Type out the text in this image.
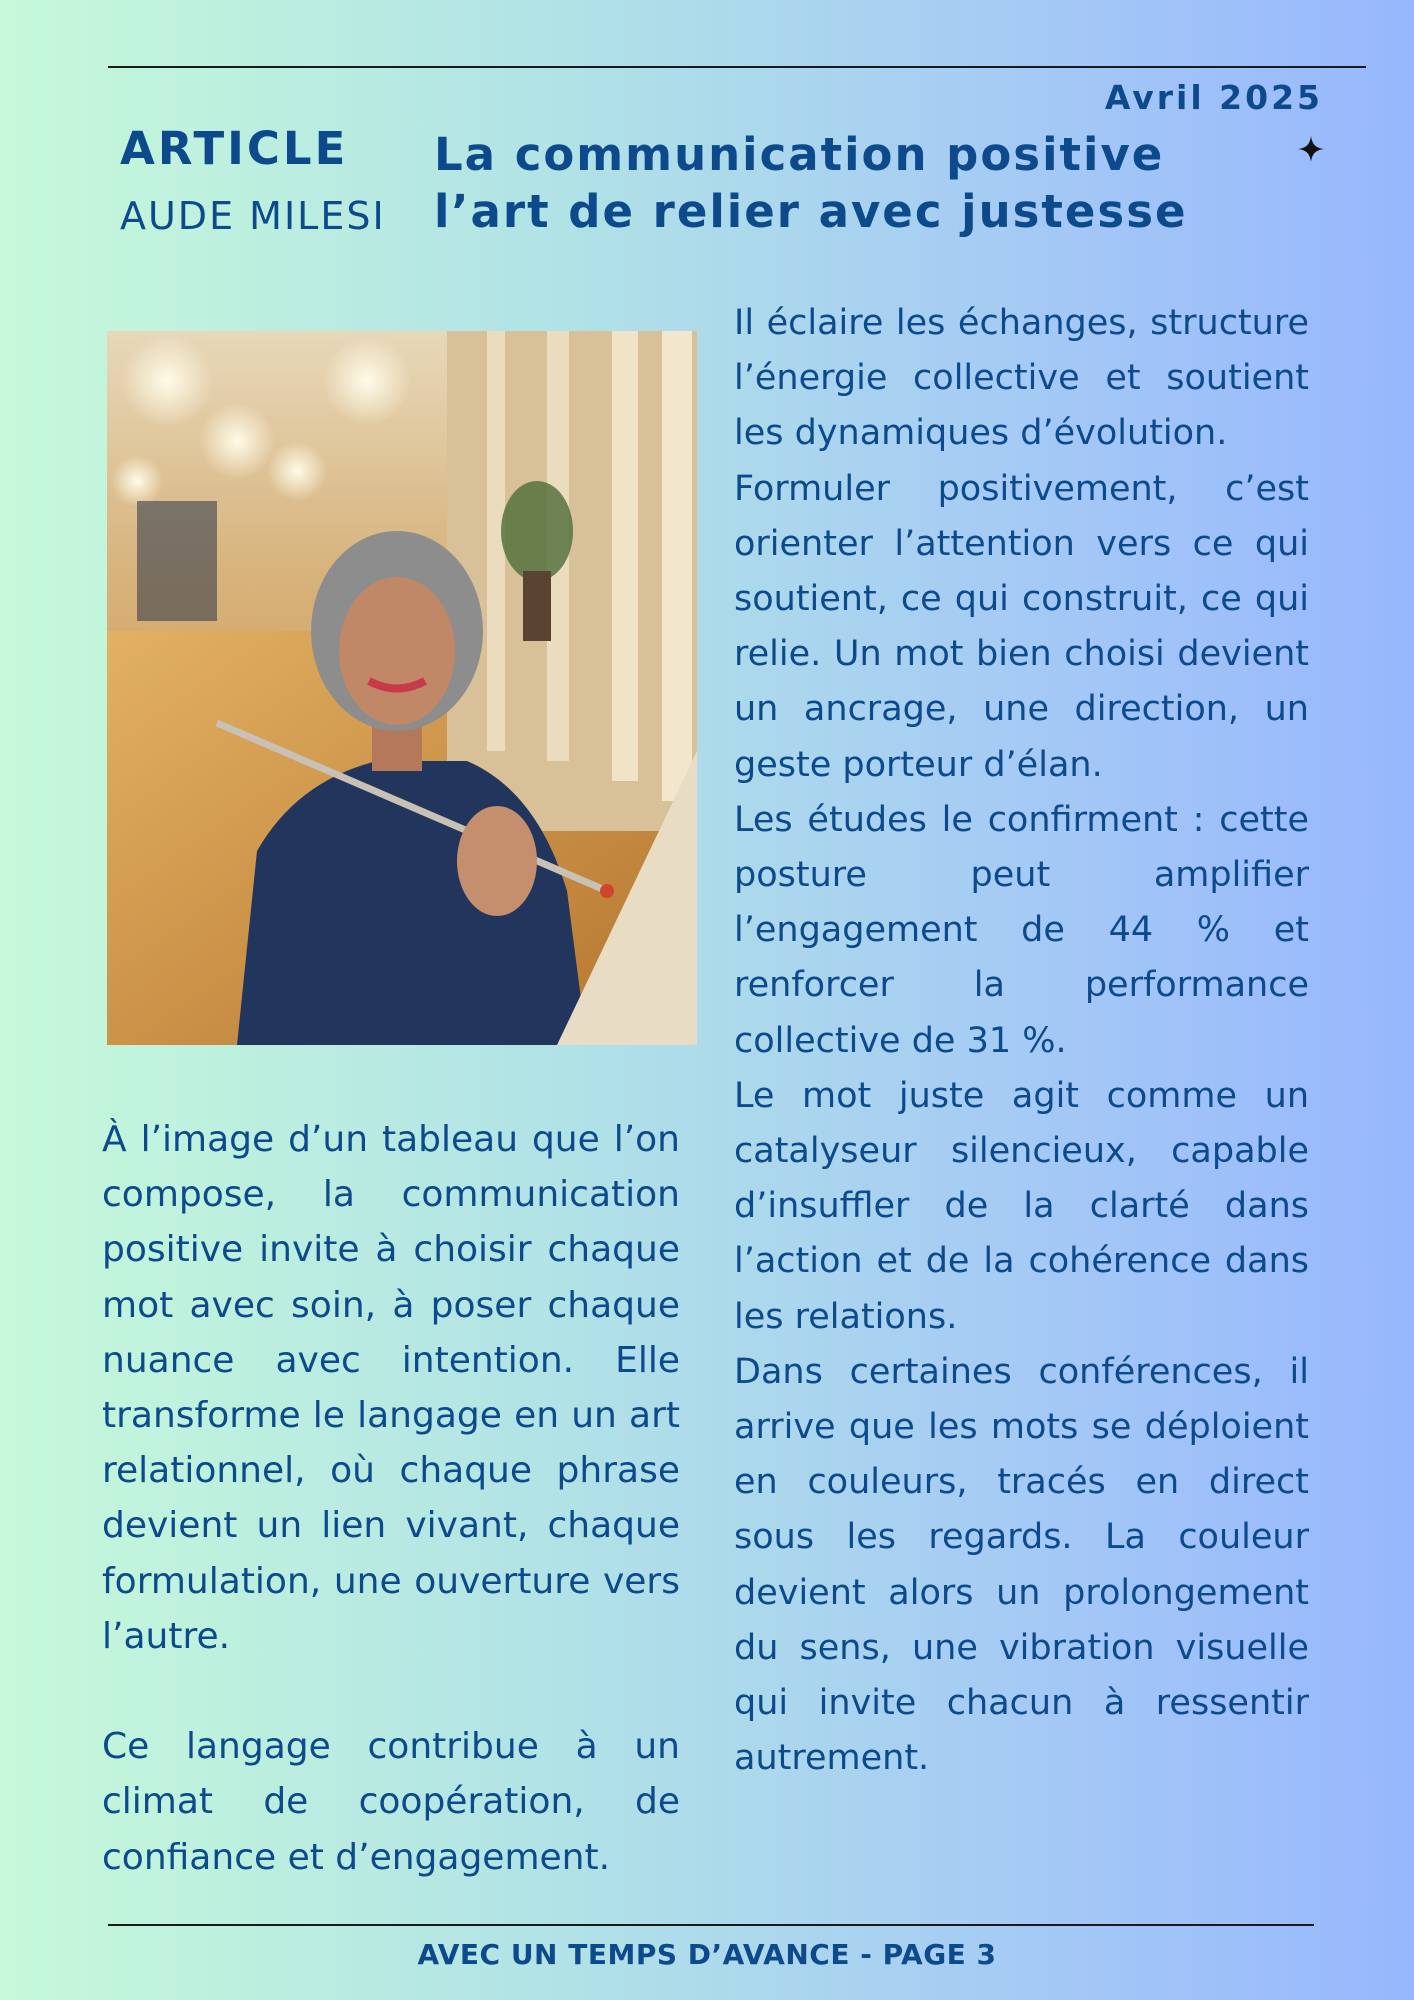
Avril 2025
ARTICLE
AUDE MILESI
La communication positive
l’art de relier avec justesse

À l’image d’un tableau que l’on compose, la communication positive invite à choisir chaque mot avec soin, à poser chaque nuance avec intention. Elle transforme le langage en un art relationnel, où chaque phrase devient un lien vivant, chaque formulation, une ouverture vers l’autre.

Ce langage contribue à un climat de coopération, de confiance et d’engagement.

Il éclaire les échanges, structure l’énergie collective et soutient les dynamiques d’évolution.

Formuler positivement, c’est orienter l’attention vers ce qui soutient, ce qui construit, ce qui relie. Un mot bien choisi devient un ancrage, une direction, un geste porteur d’élan.

Les études le confirment : cette posture peut amplifier l’engagement de 44 % et renforcer la performance collective de 31 %.

Le mot juste agit comme un catalyseur silencieux, capable d’insuffler de la clarté dans l’action et de la cohérence dans les relations.

Dans certaines conférences, il arrive que les mots se déploient en couleurs, tracés en direct sous les regards. La couleur devient alors un prolongement du sens, une vibration visuelle qui invite chacun à ressentir autrement.

AVEC UN TEMPS D’AVANCE - PAGE 3
